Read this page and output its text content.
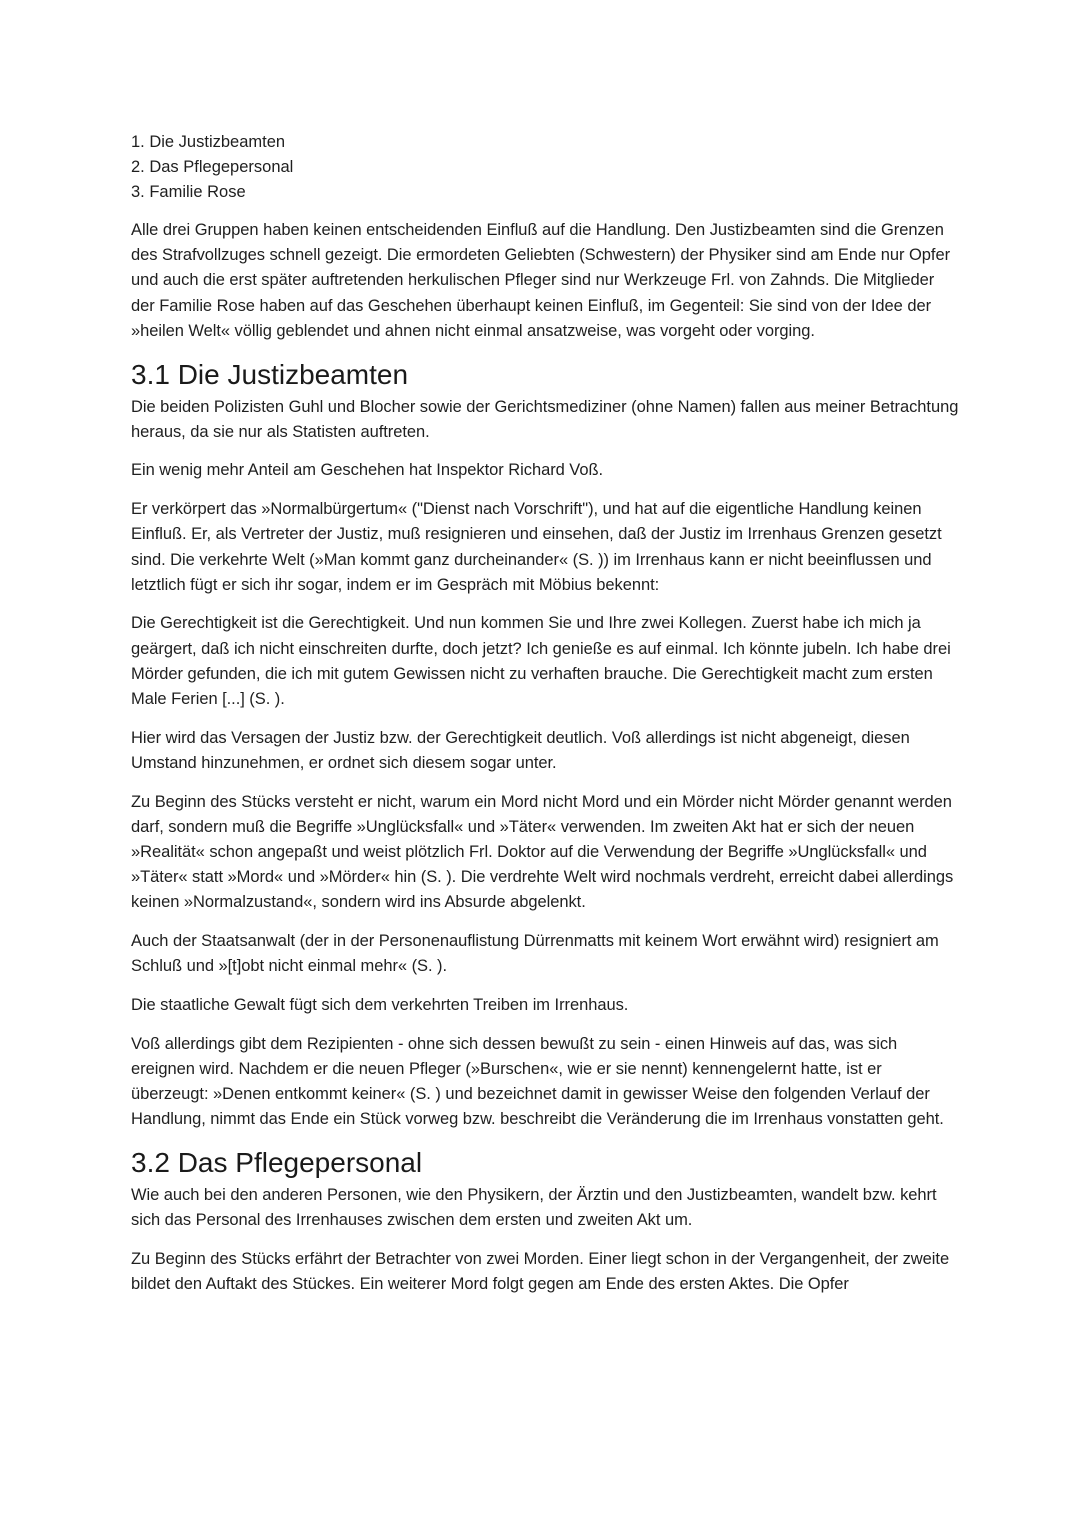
1. Die Justizbeamten
2. Das Pflegepersonal
3. Familie Rose

Alle drei Gruppen haben keinen entscheidenden Einfluß auf die Handlung. Den Justizbeamten sind die Grenzen des Strafvollzuges schnell gezeigt. Die ermordeten Geliebten (Schwestern) der Physiker sind am Ende nur Opfer und auch die erst später auftretenden herkulischen Pfleger sind nur Werkzeuge Frl. von Zahnds. Die Mitglieder der Familie Rose haben auf das Geschehen überhaupt keinen Einfluß, im Gegenteil: Sie sind von der Idee der »heilen Welt« völlig geblendet und ahnen nicht einmal ansatzweise, was vorgeht oder vorging.

3.1 Die Justizbeamten

Die beiden Polizisten Guhl und Blocher sowie der Gerichtsmediziner (ohne Namen) fallen aus meiner Betrachtung heraus, da sie nur als Statisten auftreten.

Ein wenig mehr Anteil am Geschehen hat Inspektor Richard Voß.

Er verkörpert das »Normalbürgertum« ("Dienst nach Vorschrift"), und hat auf die eigentliche Handlung keinen Einfluß. Er, als Vertreter der Justiz, muß resignieren und einsehen, daß der Justiz im Irrenhaus Grenzen gesetzt sind. Die verkehrte Welt (»Man kommt ganz durcheinander« (S. )) im Irrenhaus kann er nicht beeinflussen und letztlich fügt er sich ihr sogar, indem er im Gespräch mit Möbius bekennt:

Die Gerechtigkeit ist die Gerechtigkeit. Und nun kommen Sie und Ihre zwei Kollegen. Zuerst habe ich mich ja geärgert, daß ich nicht einschreiten durfte, doch jetzt? Ich genieße es auf einmal. Ich könnte jubeln. Ich habe drei Mörder gefunden, die ich mit gutem Gewissen nicht zu verhaften brauche. Die Gerechtigkeit macht zum ersten Male Ferien [...] (S. ).

Hier wird das Versagen der Justiz bzw. der Gerechtigkeit deutlich. Voß allerdings ist nicht abgeneigt, diesen Umstand hinzunehmen, er ordnet sich diesem sogar unter.

Zu Beginn des Stücks versteht er nicht, warum ein Mord nicht Mord und ein Mörder nicht Mörder genannt werden darf, sondern muß die Begriffe »Unglücksfall« und »Täter« verwenden. Im zweiten Akt hat er sich der neuen »Realität« schon angepaßt und weist plötzlich Frl. Doktor auf die Verwendung der Begriffe »Unglücksfall« und »Täter« statt »Mord« und »Mörder« hin (S. ). Die verdrehte Welt wird nochmals verdreht, erreicht dabei allerdings keinen »Normalzustand«, sondern wird ins Absurde abgelenkt.

Auch der Staatsanwalt (der in der Personenauflistung Dürrenmatts mit keinem Wort erwähnt wird) resigniert am Schluß und »[t]obt nicht einmal mehr« (S. ).

Die staatliche Gewalt fügt sich dem verkehrten Treiben im Irrenhaus.

Voß allerdings gibt dem Rezipienten - ohne sich dessen bewußt zu sein - einen Hinweis auf das, was sich ereignen wird. Nachdem er die neuen Pfleger (»Burschen«, wie er sie nennt) kennengelernt hatte, ist er überzeugt: »Denen entkommt keiner« (S. ) und bezeichnet damit in gewisser Weise den folgenden Verlauf der Handlung, nimmt das Ende ein Stück vorweg bzw. beschreibt die Veränderung die im Irrenhaus vonstatten geht.

3.2 Das Pflegepersonal

Wie auch bei den anderen Personen, wie den Physikern, der Ärztin und den Justizbeamten, wandelt bzw. kehrt sich das Personal des Irrenhauses zwischen dem ersten und zweiten Akt um.

Zu Beginn des Stücks erfährt der Betrachter von zwei Morden. Einer liegt schon in der Vergangenheit, der zweite bildet den Auftakt des Stückes. Ein weiterer Mord folgt gegen am Ende des ersten Aktes. Die Opfer
